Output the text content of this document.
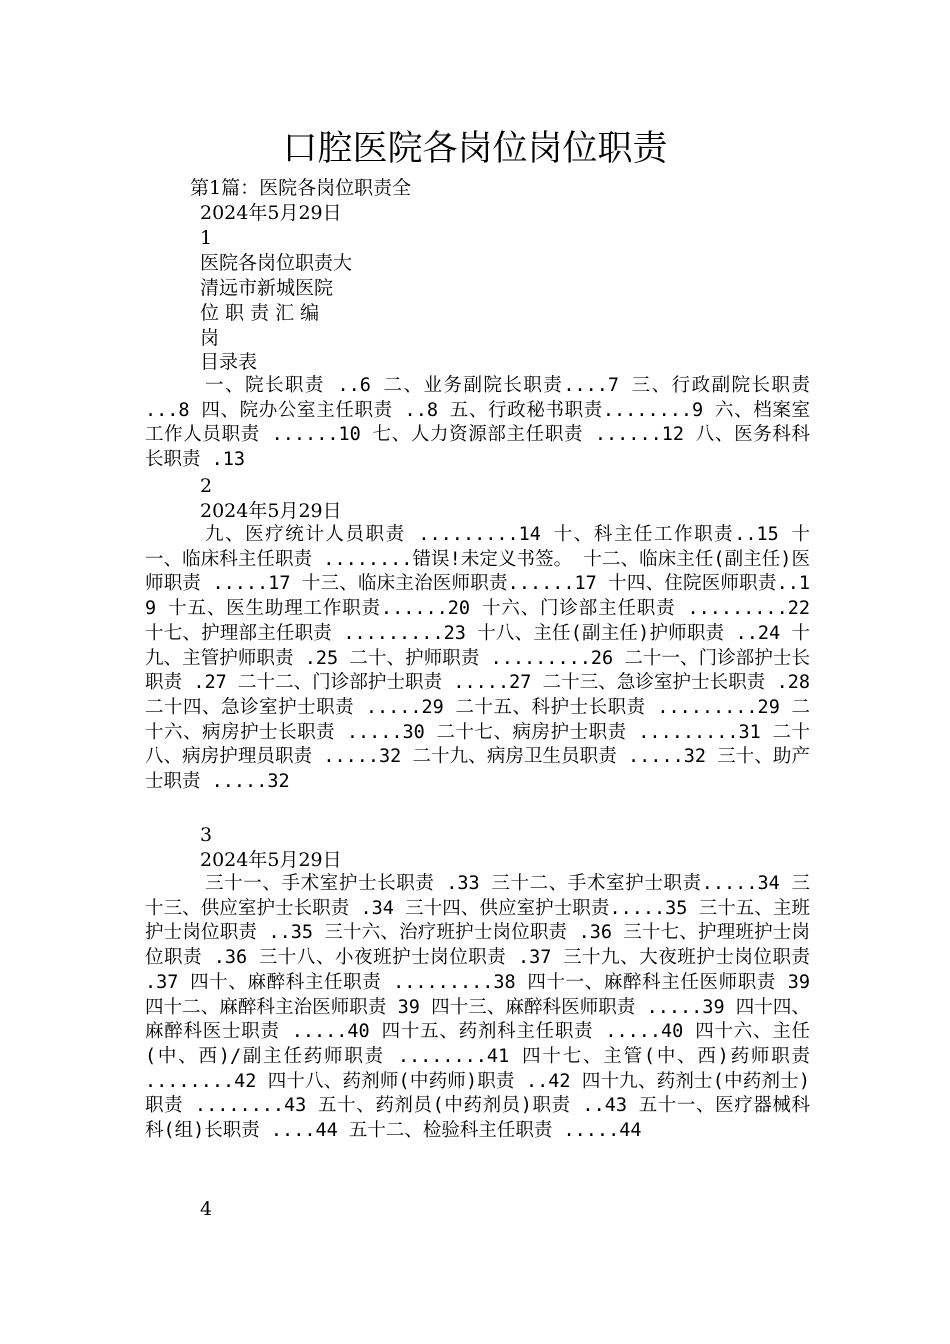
口腔医院各岗位岗位职责
第1篇：医院各岗位职责全
2024年5月29日
1
医院各岗位职责大
清远市新城医院
位 职 责 汇 编
岗
目录表
一、院长职责 ..6 二、业务副院长职责....7 三、行政副院长职责 ...8 四、院办公室主任职责 ..8 五、行政秘书职责........9 六、档案室工作人员职责 ......10 七、人力资源部主任职责 ......12 八、医务科科长职责 .13
2
2024年5月29日
九、医疗统计人员职责 .........14 十、科主任工作职责..15 十一、临床科主任职责 ........错误!未定义书签。 十二、临床主任(副主任)医师职责 .....17 十三、临床主治医师职责......17 十四、住院医师职责..19 十五、医生助理工作职责......20 十六、门诊部主任职责 .........22 十七、护理部主任职责 .........23 十八、主任(副主任)护师职责 ..24 十九、主管护师职责 .25 二十、护师职责 .........26 二十一、门诊部护士长职责 .27 二十二、门诊部护士职责 .....27 二十三、急诊室护士长职责 .28 二十四、急诊室护士职责 .....29 二十五、科护士长职责 .........29 二十六、病房护士长职责 .....30 二十七、病房护士职责 .........31 二十八、病房护理员职责 .....32 二十九、病房卫生员职责 .....32 三十、助产士职责 .....32
3
2024年5月29日
三十一、手术室护士长职责 .33 三十二、手术室护士职责.....34 三十三、供应室护士长职责 .34 三十四、供应室护士职责.....35 三十五、主班护士岗位职责 ..35 三十六、治疗班护士岗位职责 .36 三十七、护理班护士岗位职责 .36 三十八、小夜班护士岗位职责 .37 三十九、大夜班护士岗位职责 .37 四十、麻醉科主任职责 .........38 四十一、麻醉科主任医师职责 39 四十二、麻醉科主治医师职责 39 四十三、麻醉科医师职责 .....39 四十四、麻醉科医士职责 .....40 四十五、药剂科主任职责 .....40 四十六、主任(中、西)/副主任药师职责 ........41 四十七、主管(中、西)药师职责 ........42 四十八、药剂师(中药师)职责 ..42 四十九、药剂士(中药剂士)职责 ........43 五十、药剂员(中药剂员)职责 ..43 五十一、医疗器械科科(组)长职责 ....44 五十二、检验科主任职责 .....44
4
